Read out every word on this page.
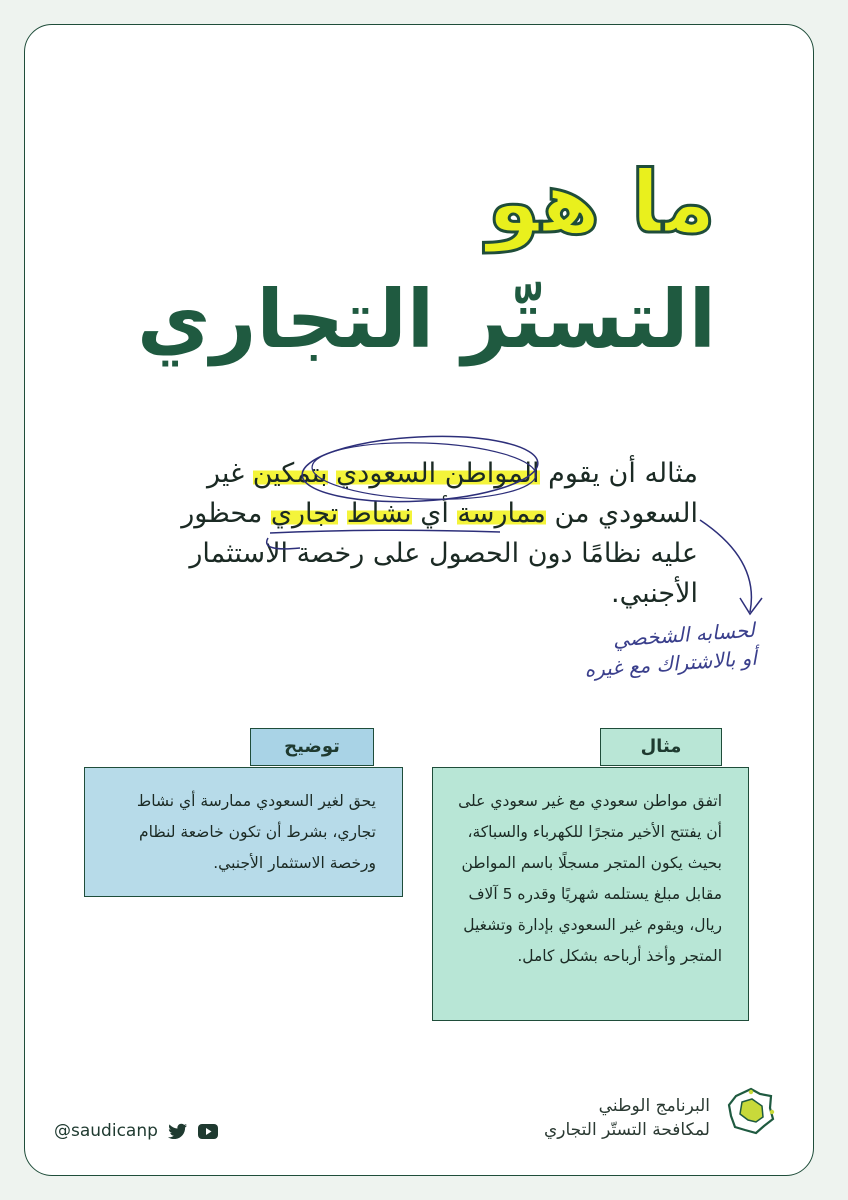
ما هو
التستّر التجاري
مثاله أن يقوم المواطن السعودي بتمكين غير السعودي من ممارسة أي نشاط تجاري محظور عليه نظامًا دون الحصول على رخصة الاستثمار الأجنبي.
لحسابه الشخصي
أو بالاشتراك مع غيره
توضيح
يحق لغير السعودي ممارسة أي نشاط تجاري، بشرط أن تكون خاضعة لنظام ورخصة الاستثمار الأجنبي.
مثال
اتفق مواطن سعودي مع غير سعودي على أن يفتتح الأخير متجرًا للكهرباء والسباكة، بحيث يكون المتجر مسجلًا باسم المواطن مقابل مبلغ يستلمه شهريًا وقدره 5 آلاف ريال، ويقوم غير السعودي بإدارة وتشغيل المتجر وأخذ أرباحه بشكل كامل.
البرنامج الوطني
لمكافحة التستّر التجاري
@saudicanp
